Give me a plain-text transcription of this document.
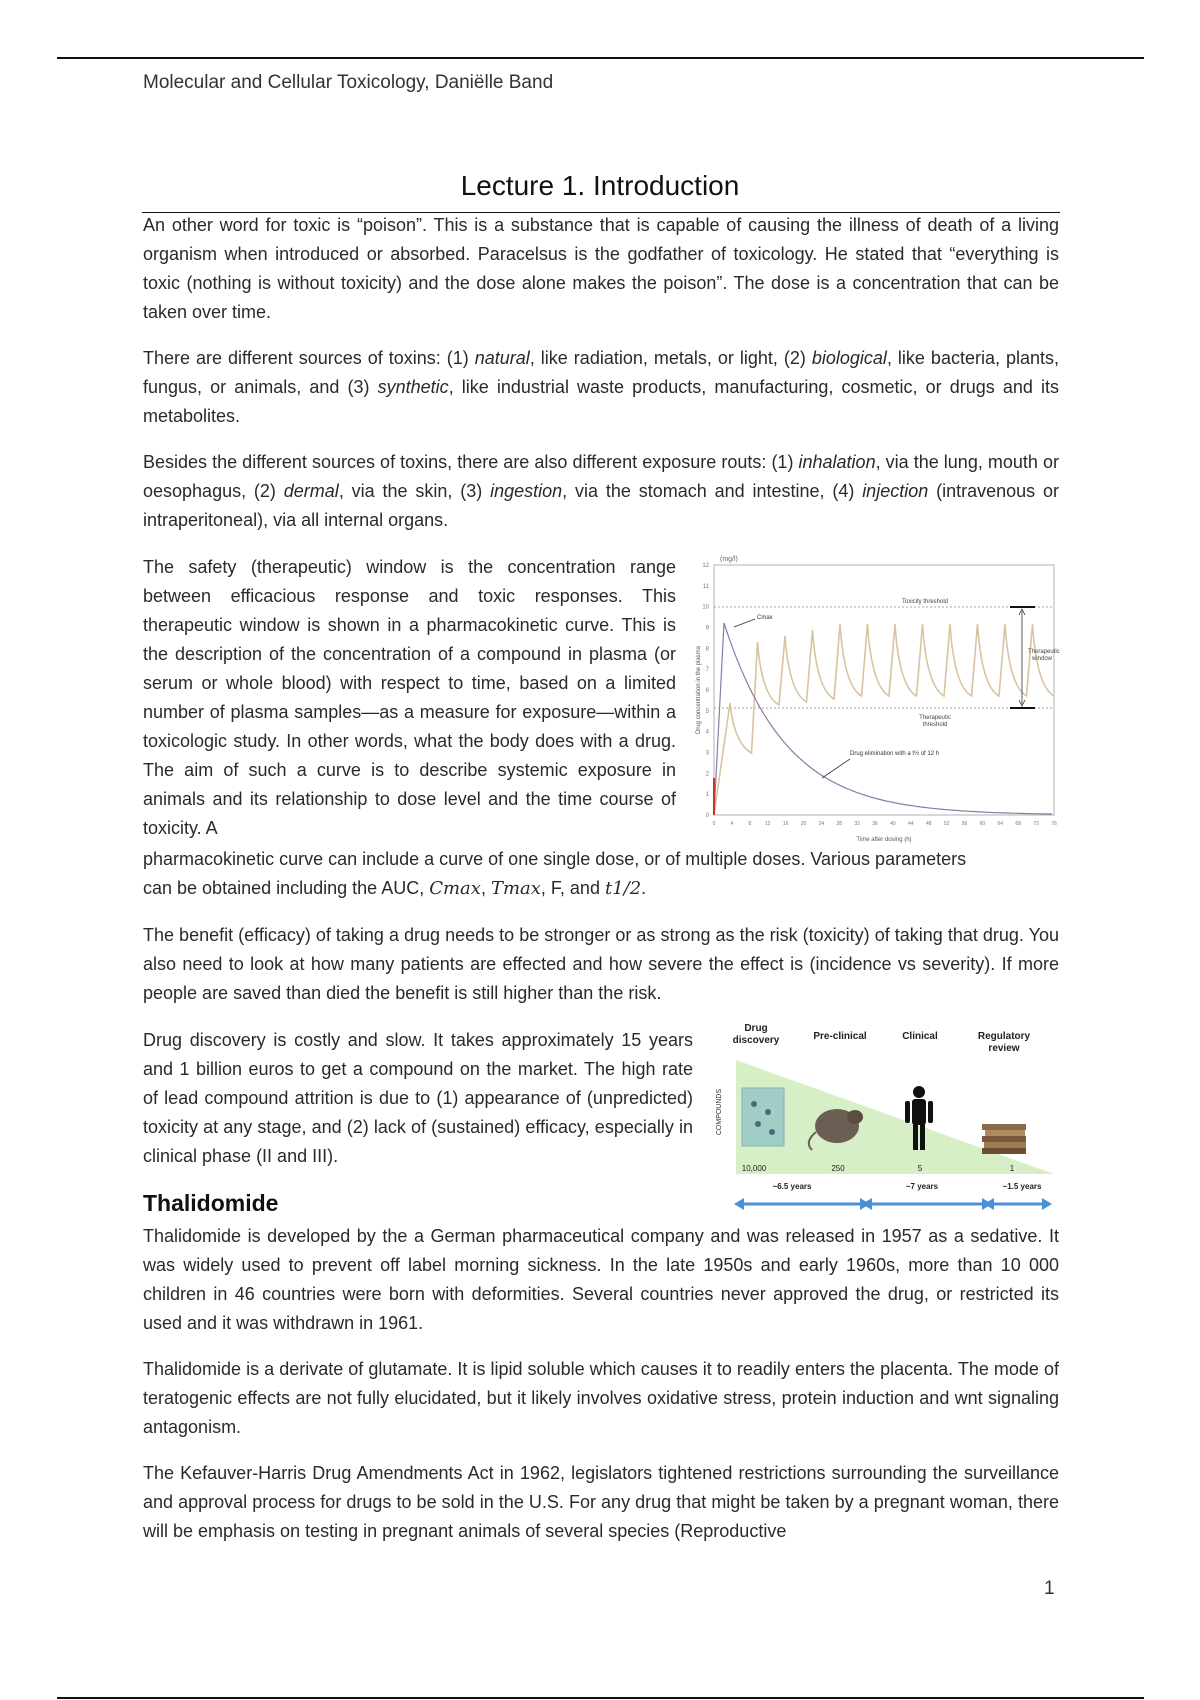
Molecular and Cellular Toxicology, Daniëlle Band
Lecture 1. Introduction
An other word for toxic is “poison”. This is a substance that is capable of causing the illness of death of a living organism when introduced or absorbed. Paracelsus is the godfather of toxicology. He stated that “everything is toxic (nothing is without toxicity) and the dose alone makes the poison”. The dose is a concentration that can be taken over time.
There are different sources of toxins: (1) natural, like radiation, metals, or light, (2) biological, like bacteria, plants, fungus, or animals, and (3) synthetic, like industrial waste products, manufacturing, cosmetic, or drugs and its metabolites.
Besides the different sources of toxins, there are also different exposure routs: (1) inhalation, via the lung, mouth or oesophagus, (2) dermal, via the skin, (3) ingestion, via the stomach and intestine, (4) injection (intravenous or intraperitoneal), via all internal organs.
The safety (therapeutic) window is the concentration range between efficacious response and toxic responses. This therapeutic window is shown in a pharmacokinetic curve. This is the description of the concentration of a compound in plasma (or serum or whole blood) with respect to time, based on a limited number of plasma samples—as a measure for exposure—within a toxicologic study. In other words, what the body does with a drug. The aim of such a curve is to describe systemic exposure in animals and its relationship to dose level and the time course of toxicity. A
pharmacokinetic curve can include a curve of one single dose, or of multiple doses. Various parameters
can be obtained including the AUC, Cmax, Tmax, F, and t1/2.
The benefit (efficacy) of taking a drug needs to be stronger or as strong as the risk (toxicity) of taking that drug. You also need to look at how many patients are effected and how severe the effect is (incidence vs severity). If more people are saved than died the benefit is still higher than the risk.
Drug discovery is costly and slow. It takes approximately 15 years and 1 billion euros to get a compound on the market. The high rate of lead compound attrition is due to (1) appearance of (unpredicted) toxicity at any stage, and (2) lack of (sustained) efficacy, especially in clinical phase (II and III).
Thalidomide
Thalidomide is developed by the a German pharmaceutical company and was released in 1957 as a sedative. It was widely used to prevent off label morning sickness. In the late 1950s and early 1960s, more than 10 000 children in 46 countries were born with deformities. Several countries never approved the drug, or restricted its used and it was withdrawn in 1961.
Thalidomide is a derivate of glutamate. It is lipid soluble which causes it to readily enters the placenta. The mode of teratogenic effects are not fully elucidated, but it likely involves oxidative stress, protein induction and wnt signaling antagonism.
The Kefauver-Harris Drug Amendments Act in 1962, legislators tightened restrictions surrounding the surveillance and approval process for drugs to be sold in the U.S. For any drug that might be taken by a pregnant woman, there will be emphasis on testing in pregnant animals of several species (Reproductive
1
(mg/l)
0
1
2
3
4
5
6
7
8
9
10
11
12
0	4	8	12 16 20 24 28 32 36 40 44 48 52 56 60 64 68 72 76
Drug concentration in the plasma
Time after dosing (h)
Cmax
Toxicity threshold
Therapeutic
window
Therapeutic
threshold
Drug elimination with a t½ of 12 h
Drug
discovery	Pre-clinical	Clinical	Regulatory
review
COMPOUNDS
10,000	250	5	1
~6.5 years	~7 years	~1.5 years
